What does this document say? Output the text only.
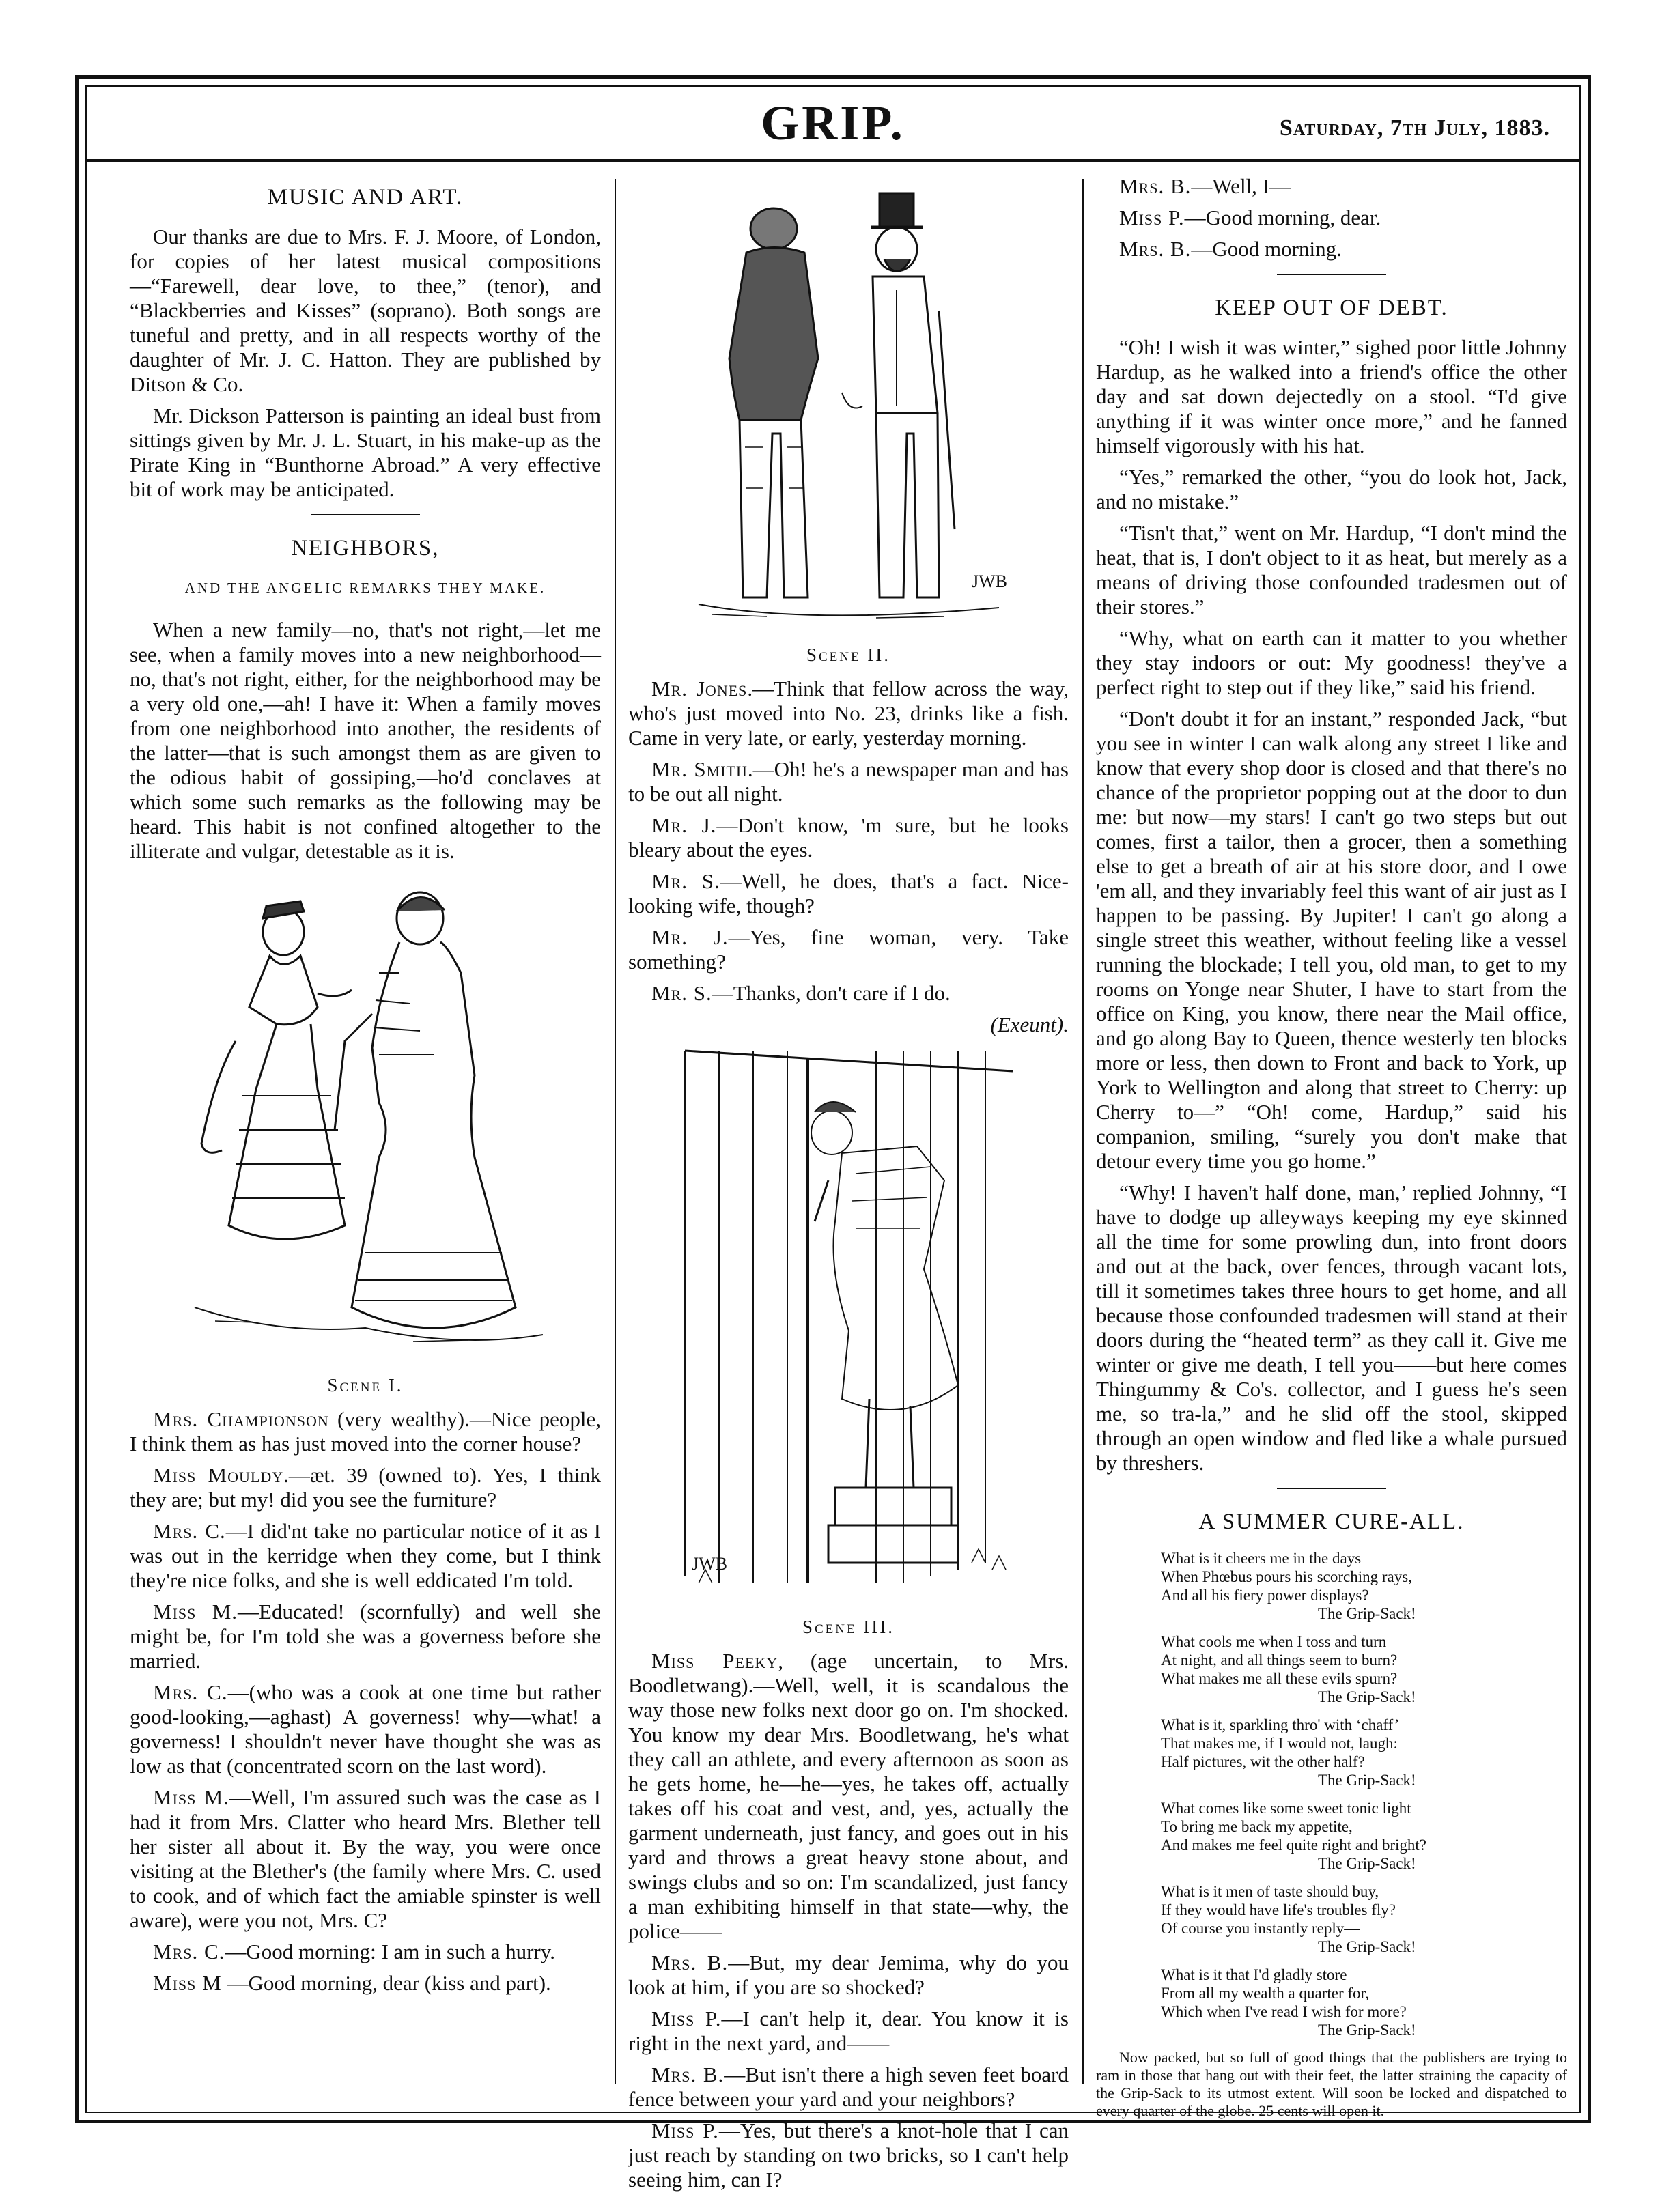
GRIP.	Saturday, 7th July, 1883.
MUSIC AND ART.

Our thanks are due to Mrs. F. J. Moore, of London, for copies of her latest musical compositions—“Farewell, dear love, to thee,” (tenor), and “Blackberries and Kisses” (soprano). Both songs are tuneful and pretty, and in all respects worthy of the daughter of Mr. J. C. Hatton. They are published by Ditson & Co.

Mr. Dickson Patterson is painting an ideal bust from sittings given by Mr. J. L. Stuart, in his make-up as the Pirate King in “Bunthorne Abroad.” A very effective bit of work may be anticipated.

NEIGHBORS,
AND THE ANGELIC REMARKS THEY MAKE.

When a new family—no, that's not right,—let me see, when a family moves into a new neighborhood—no, that's not right, either, for the neighborhood may be a very old one,—ah! I have it: When a family moves from one neighborhood into another, the residents of the latter—that is such amongst them as are given to the odious habit of gossiping,—ho'd conclaves at which some such remarks as the following may be heard. This habit is not confined altogether to the illiterate and vulgar, detestable as it is.

Scene I.

Mrs. Championson (very wealthy).—Nice people, I think them as has just moved into the corner house?

Miss Mouldy.—æt. 39 (owned to). Yes, I think they are; but my! did you see the furniture?

Mrs. C.—I did'nt take no particular notice of it as I was out in the kerridge when they come, but I think they're nice folks, and she is well eddicated I'm told.

Miss M.—Educated! (scornfully) and well she might be, for I'm told she was a governess before she married.

Mrs. C.—(who was a cook at one time but rather good-looking,—aghast) A governess! why—what! a governess! I shouldn't never have thought she was as low as that (concentrated scorn on the last word).

Miss M.—Well, I'm assured such was the case as I had it from Mrs. Clatter who heard Mrs. Blether tell her sister all about it. By the way, you were once visiting at the Blether's (the family where Mrs. C. used to cook, and of which fact the amiable spinster is well aware), were you not, Mrs. C?

Mrs. C.—Good morning: I am in such a hurry.

Miss M —Good morning, dear (kiss and part).

JWB
Scene II.

Mr. Jones.—Think that fellow across the way, who's just moved into No. 23, drinks like a fish. Came in very late, or early, yesterday morning.

Mr. Smith.—Oh! he's a newspaper man and has to be out all night.

Mr. J.—Don't know, 'm sure, but he looks bleary about the eyes.

Mr. S.—Well, he does, that's a fact. Nice-looking wife, though?

Mr. J.—Yes, fine woman, very. Take something?

Mr. S.—Thanks, don't care if I do.

(Exeunt).

JWB
Scene III.

Miss Peeky, (age uncertain, to Mrs. Boodletwang).—Well, well, it is scandalous the way those new folks next door go on. I'm shocked. You know my dear Mrs. Boodletwang, he's what they call an athlete, and every afternoon as soon as he gets home, he—he—yes, he takes off, actually takes off his coat and vest, and, yes, actually the garment underneath, just fancy, and goes out in his yard and throws a great heavy stone about, and swings clubs and so on: I'm scandalized, just fancy a man exhibiting himself in that state—why, the police——

Mrs. B.—But, my dear Jemima, why do you look at him, if you are so shocked?

Miss P.—I can't help it, dear. You know it is right in the next yard, and——

Mrs. B.—But isn't there a high seven feet board fence between your yard and your neighbors?

Miss P.—Yes, but there's a knot-hole that I can just reach by standing on two bricks, so I can't help seeing him, can I?

Mrs. B.—Well, I—

Miss P.—Good morning, dear.

Mrs. B.—Good morning.

KEEP OUT OF DEBT.

“Oh! I wish it was winter,” sighed poor little Johnny Hardup, as he walked into a friend's office the other day and sat down dejectedly on a stool. “I'd give anything if it was winter once more,” and he fanned himself vigorously with his hat.

“Yes,” remarked the other, “you do look hot, Jack, and no mistake.”

“Tisn't that,” went on Mr. Hardup, “I don't mind the heat, that is, I don't object to it as heat, but merely as a means of driving those confounded tradesmen out of their stores.”

“Why, what on earth can it matter to you whether they stay indoors or out: My goodness! they've a perfect right to step out if they like,” said his friend.

“Don't doubt it for an instant,” responded Jack, “but you see in winter I can walk along any street I like and know that every shop door is closed and that there's no chance of the proprietor popping out at the door to dun me: but now—my stars! I can't go two steps but out comes, first a tailor, then a grocer, then a something else to get a breath of air at his store door, and I owe 'em all, and they invariably feel this want of air just as I happen to be passing. By Jupiter! I can't go along a single street this weather, without feeling like a vessel running the blockade; I tell you, old man, to get to my rooms on Yonge near Shuter, I have to start from the office on King, you know, there near the Mail office, and go along Bay to Queen, thence westerly ten blocks more or less, then down to Front and back to York, up York to Wellington and along that street to Cherry: up Cherry to—” “Oh! come, Hardup,” said his companion, smiling, “surely you don't make that detour every time you go home.”

“Why! I haven't half done, man,’ replied Johnny, “I have to dodge up alleyways keeping my eye skinned all the time for some prowling dun, into front doors and out at the back, over fences, through vacant lots, till it sometimes takes three hours to get home, and all because those confounded tradesmen will stand at their doors during the “heated term” as they call it. Give me winter or give me death, I tell you——but here comes Thingummy & Co's. collector, and I guess he's seen me, so tra-la,” and he slid off the stool, skipped through an open window and fled like a whale pursued by threshers.

A SUMMER CURE-ALL.
What is it cheers me in the days
When Phœbus pours his scorching rays,
And all his fiery power displays?
The Grip-Sack!
What cools me when I toss and turn
At night, and all things seem to burn?
What makes me all these evils spurn?
The Grip-Sack!
What is it, sparkling thro' with ‘chaff’
That makes me, if I would not, laugh:
Half pictures, wit the other half?
The Grip-Sack!
What comes like some sweet tonic light
To bring me back my appetite,
And makes me feel quite right and bright?
The Grip-Sack!
What is it men of taste should buy,
If they would have life's troubles fly?
Of course you instantly reply—
The Grip-Sack!
What is it that I'd gladly store
From all my wealth a quarter for,
Which when I've read I wish for more?
The Grip-Sack!

Now packed, but so full of good things that the publishers are trying to ram in those that hang out with their feet, the latter straining the capacity of the Grip-Sack to its utmost extent. Will soon be locked and dispatched to every quarter of the globe. 25 cents will open it.
